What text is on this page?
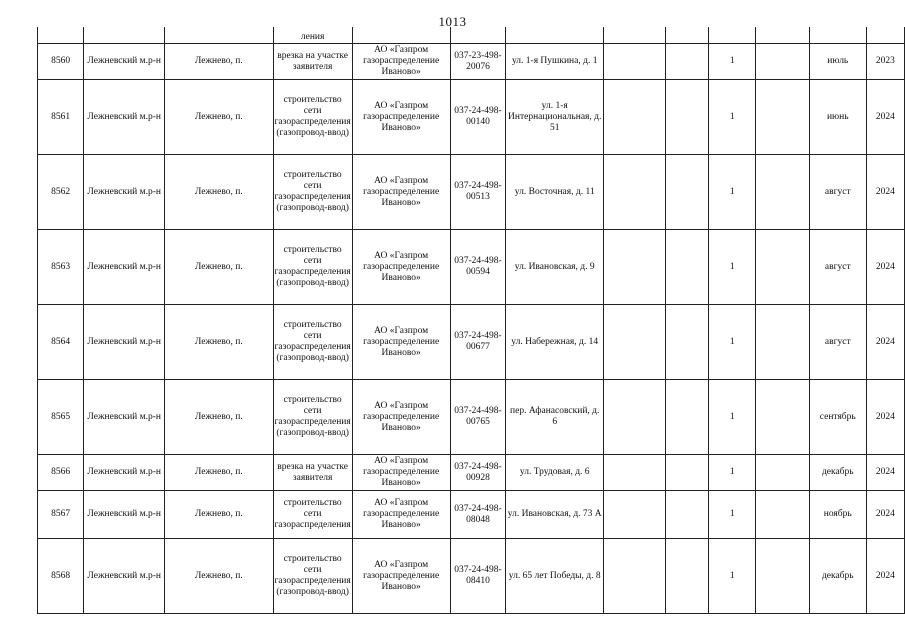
1013
			ления									
8560	Лежневский м.р-н	Лежнево, п.	врезка на участке заявителя	АО «Газпром газораспределение Иваново»	037-23-498-20076	ул. 1-я Пушкина, д. 1			1		июль	2023
8561	Лежневский м.р-н	Лежнево, п.	строительство сети газораспределения (газопровод-ввод)	АО «Газпром газораспределение Иваново»	037-24-498-00140	ул. 1-я Интернациональная, д. 51			1		июнь	2024
8562	Лежневский м.р-н	Лежнево, п.	строительство сети газораспределения (газопровод-ввод)	АО «Газпром газораспределение Иваново»	037-24-498-00513	ул. Восточная, д. 11			1		август	2024
8563	Лежневский м.р-н	Лежнево, п.	строительство сети газораспределения (газопровод-ввод)	АО «Газпром газораспределение Иваново»	037-24-498-00594	ул. Ивановская, д. 9			1		август	2024
8564	Лежневский м.р-н	Лежнево, п.	строительство сети газораспределения (газопровод-ввод)	АО «Газпром газораспределение Иваново»	037-24-498-00677	ул. Набережная, д. 14			1		август	2024
8565	Лежневский м.р-н	Лежнево, п.	строительство сети газораспределения (газопровод-ввод)	АО «Газпром газораспределение Иваново»	037-24-498-00765	пер. Афанасовский, д. 6			1		сентябрь	2024
8566	Лежневский м.р-н	Лежнево, п.	врезка на участке заявителя	АО «Газпром газораспределение Иваново»	037-24-498-00928	ул. Трудовая, д. 6			1		декабрь	2024
8567	Лежневский м.р-н	Лежнево, п.	строительство сети газораспределения	АО «Газпром газораспределение Иваново»	037-24-498-08048	ул. Ивановская, д. 73 А			1		ноябрь	2024
8568	Лежневский м.р-н	Лежнево, п.	строительство сети газораспределения (газопровод-ввод)	АО «Газпром газораспределение Иваново»	037-24-498-08410	ул. 65 лет Победы, д. 8			1		декабрь	2024
